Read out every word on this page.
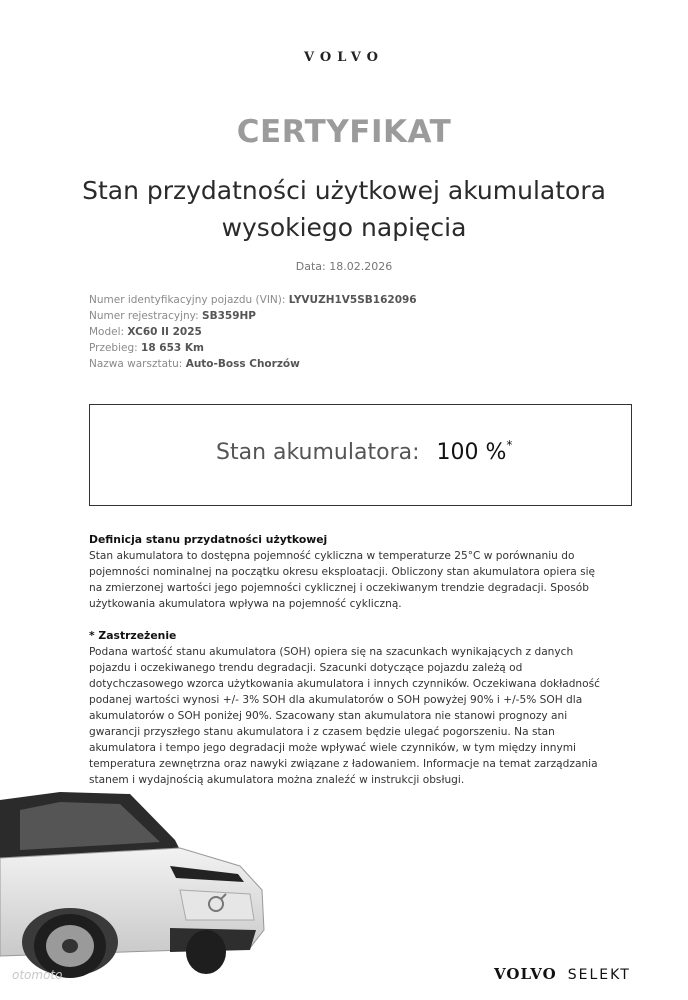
VOLVO
CERTYFIKAT
Stan przydatności użytkowej akumulatora
wysokiego napięcia
Data: 18.02.2026
Numer identyfikacyjny pojazdu (VIN): LYVUZH1V5SB162096
Numer rejestracyjny: SB359HP
Model: XC60 II 2025
Przebieg: 18 653 Km
Nazwa warsztatu: Auto-Boss Chorzów
Stan akumulatora: 100 %*
Definicja stanu przydatności użytkowej

Stan akumulatora to dostępna pojemność cykliczna w temperaturze 25°C w porównaniu do pojemności nominalnej na początku okresu eksploatacji. Obliczony stan akumulatora opiera się na zmierzonej wartości jego pojemności cyklicznej i oczekiwanym trendzie degradacji. Sposób użytkowania akumulatora wpływa na pojemność cykliczną.

* Zastrzeżenie

Podana wartość stanu akumulatora (SOH) opiera się na szacunkach wynikających z danych pojazdu i oczekiwanego trendu degradacji. Szacunki dotyczące pojazdu zależą od dotychczasowego wzorca użytkowania akumulatora i innych czynników. Oczekiwana dokładność podanej wartości wynosi +/- 3% SOH dla akumulatorów o SOH powyżej 90% i +/-5% SOH dla akumulatorów o SOH poniżej 90%. Szacowany stan akumulatora nie stanowi prognozy ani gwarancji przyszłego stanu akumulatora i z czasem będzie ulegać pogorszeniu. Na stan akumulatora i tempo jego degradacji może wpływać wiele czynników, w tym między innymi temperatura zewnętrzna oraz nawyki związane z ładowaniem. Informacje na temat zarządzania stanem i wydajnością akumulatora można znaleźć w instrukcji obsługi.

otomoto	VOLVO SELEKT
